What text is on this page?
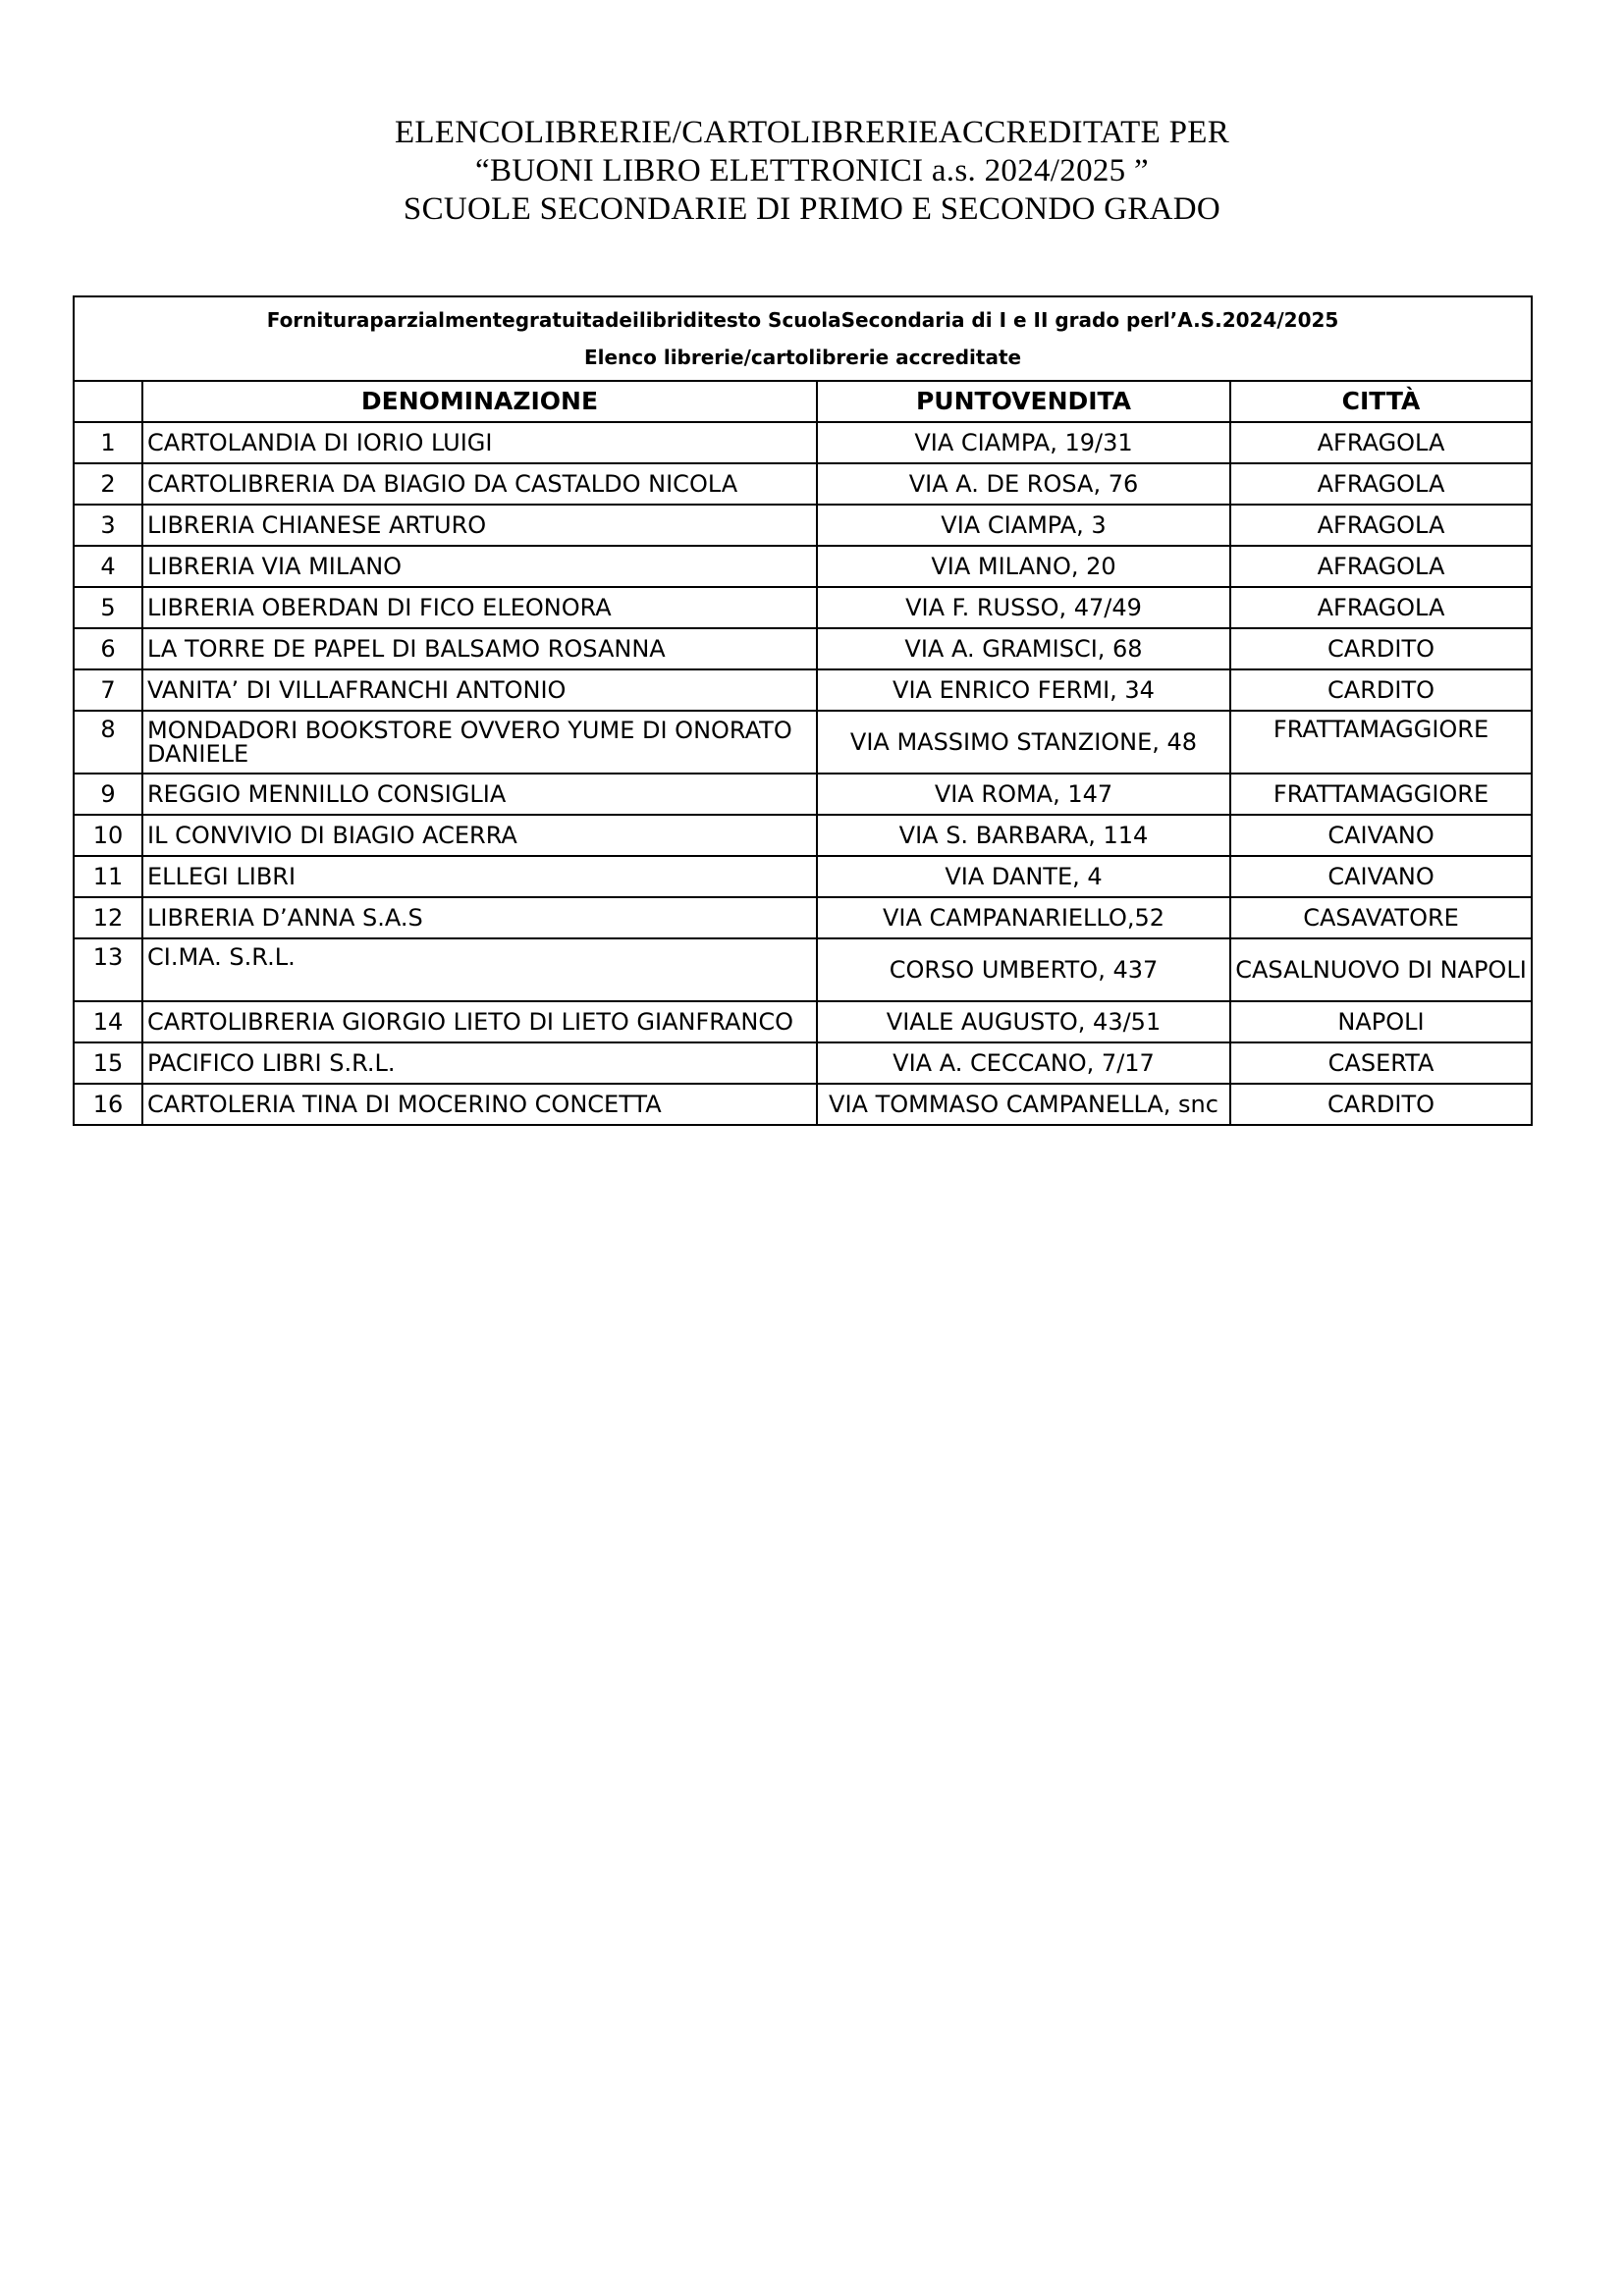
ELENCOLIBRERIE/CARTOLIBRERIEACCREDITATE PER
“BUONI LIBRO ELETTRONICI a.s. 2024/2025 ”
SCUOLE SECONDARIE DI PRIMO E SECONDO GRADO
Fornituraparzialmentegratuitadeilibriditesto ScuolaSecondaria di I e II grado perl’A.S.2024/2025
Elenco librerie/cartolibrerie accreditate			

	DENOMINAZIONE	PUNTOVENDITA	CITTÀ
1	CARTOLANDIA DI IORIO LUIGI	VIA CIAMPA, 19/31	AFRAGOLA
2	CARTOLIBRERIA DA BIAGIO DA CASTALDO NICOLA	VIA A. DE ROSA, 76	AFRAGOLA
3	LIBRERIA CHIANESE ARTURO	VIA CIAMPA, 3	AFRAGOLA
4	LIBRERIA VIA MILANO	VIA MILANO, 20	AFRAGOLA
5	LIBRERIA OBERDAN DI FICO ELEONORA	VIA F. RUSSO, 47/49	AFRAGOLA
6	LA TORRE DE PAPEL DI BALSAMO ROSANNA	VIA A. GRAMISCI, 68	CARDITO
7	VANITA’ DI VILLAFRANCHI ANTONIO	VIA ENRICO FERMI, 34	CARDITO
8	MONDADORI BOOKSTORE OVVERO YUME DI ONORATO DANIELE	VIA MASSIMO STANZIONE, 48	FRATTAMAGGIORE
9	REGGIO MENNILLO CONSIGLIA	VIA ROMA, 147	FRATTAMAGGIORE
10	IL CONVIVIO DI BIAGIO ACERRA	VIA S. BARBARA, 114	CAIVANO
11	ELLEGI LIBRI	VIA DANTE, 4	CAIVANO
12	LIBRERIA D’ANNA S.A.S	VIA CAMPANARIELLO,52	CASAVATORE
13	CI.MA. S.R.L.	CORSO UMBERTO, 437	CASALNUOVO DI NAPOLI
14	CARTOLIBRERIA GIORGIO LIETO DI LIETO GIANFRANCO	VIALE AUGUSTO, 43/51	NAPOLI
15	PACIFICO LIBRI S.R.L.	VIA A. CECCANO, 7/17	CASERTA
16	CARTOLERIA TINA DI MOCERINO CONCETTA	VIA TOMMASO CAMPANELLA, snc	CARDITO
